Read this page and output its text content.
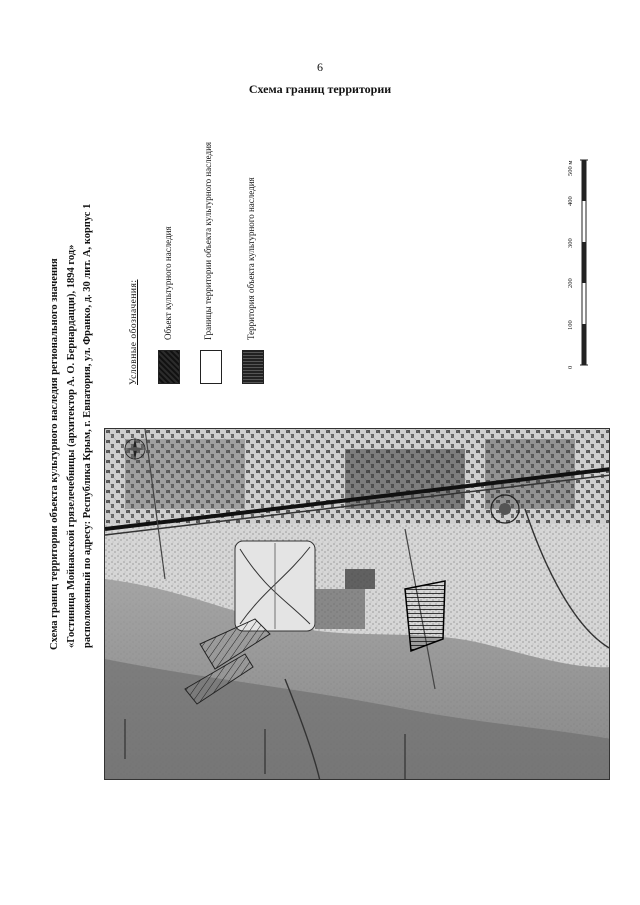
6
Схема границ территории
Схема границ территории объекта культурного наследия регионального значения «Гостиница Мойнакской грязелечебницы (архитектор А. О. Бернардацци), 1894 год» расположенный по адресу: Республика Крым, г. Евпатория, ул. Франко, д. 30 лит. А, корпус 1	Условные обозначения:	Объект культурного наследия	Границы территории объекта культурного наследия	Территория объекта культурного наследия
0
100
200
300
400
500 м
